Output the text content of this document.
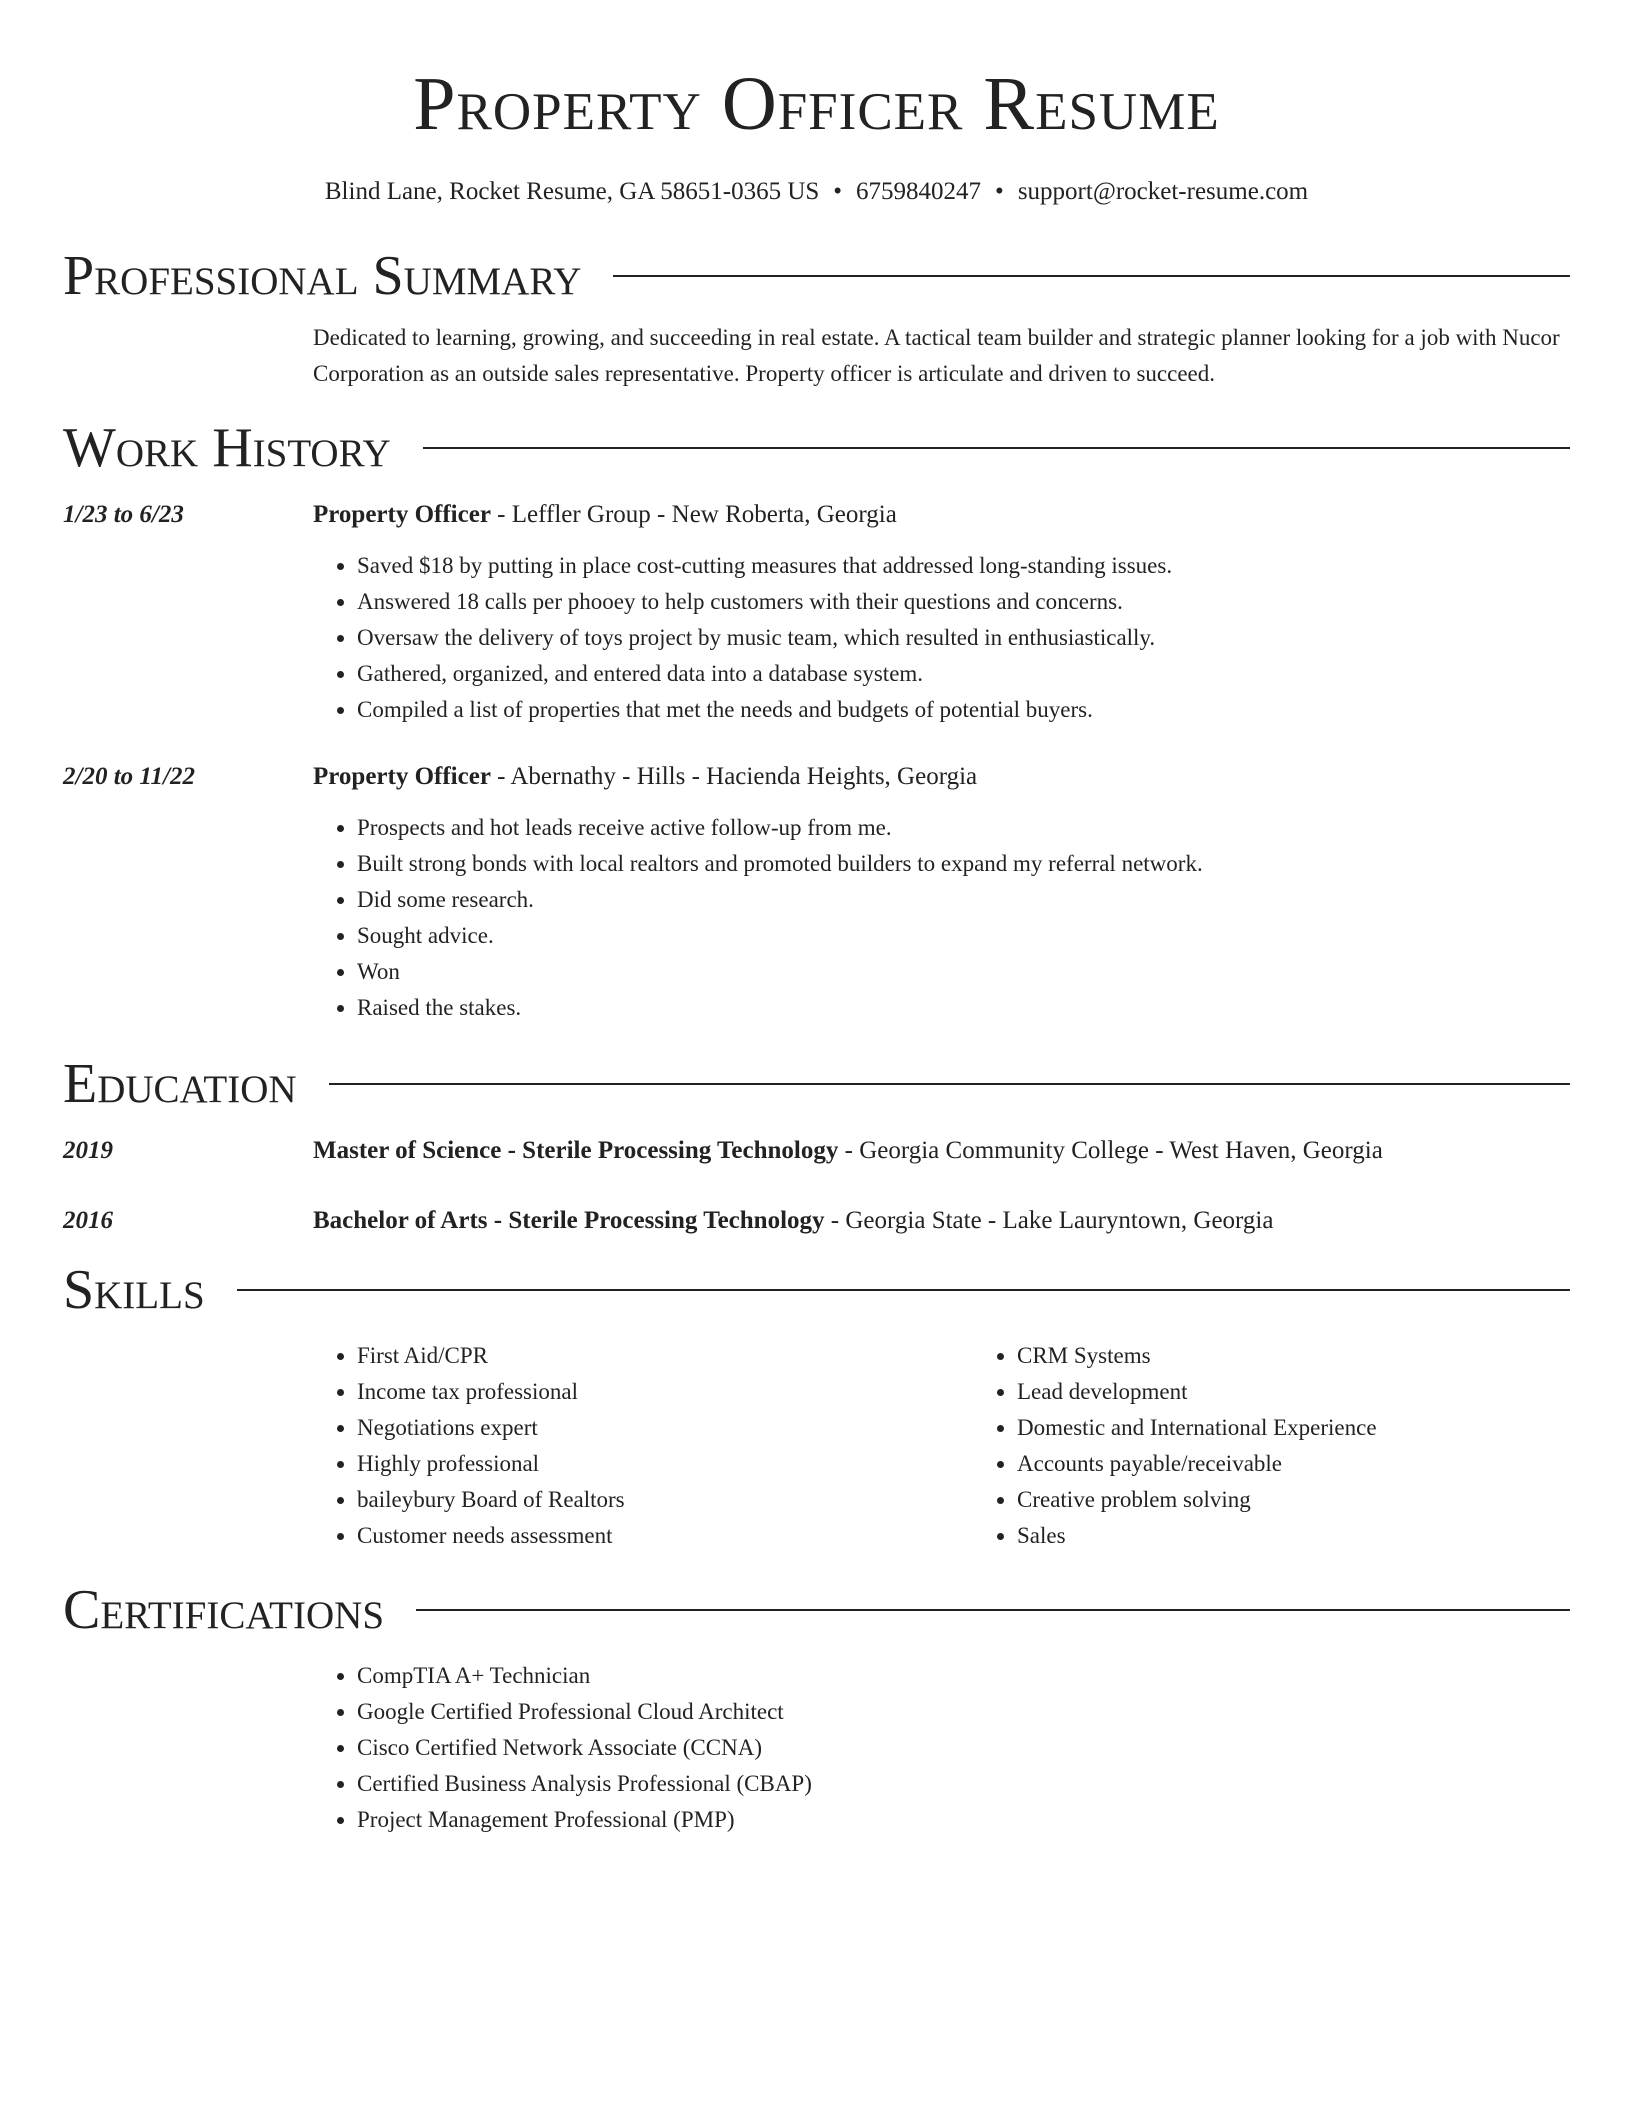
Property Officer Resume
Blind Lane, Rocket Resume, GA 58651-0365 US • 6759840247 • support@rocket-resume.com
Professional Summary
Dedicated to learning, growing, and succeeding in real estate. A tactical team builder and strategic planner looking for a job with Nucor Corporation as an outside sales representative. Property officer is articulate and driven to succeed.
Work History
1/23 to 6/23	Property Officer - Leffler Group - New Roberta, Georgia
• Saved $18 by putting in place cost-cutting measures that addressed long-standing issues.
• Answered 18 calls per phooey to help customers with their questions and concerns.
• Oversaw the delivery of toys project by music team, which resulted in enthusiastically.
• Gathered, organized, and entered data into a database system.
• Compiled a list of properties that met the needs and budgets of potential buyers.
2/20 to 11/22	Property Officer - Abernathy - Hills - Hacienda Heights, Georgia
• Prospects and hot leads receive active follow-up from me.
• Built strong bonds with local realtors and promoted builders to expand my referral network.
• Did some research.
• Sought advice.
• Won
• Raised the stakes.
Education
2019	Master of Science - Sterile Processing Technology - Georgia Community College - West Haven, Georgia
2016	Bachelor of Arts - Sterile Processing Technology - Georgia State - Lake Lauryntown, Georgia
Skills
• First Aid/CPR
• Income tax professional
• Negotiations expert
• Highly professional
• baileybury Board of Realtors
• Customer needs assessment
• CRM Systems
• Lead development
• Domestic and International Experience
• Accounts payable/receivable
• Creative problem solving
• Sales
Certifications
• CompTIA A+ Technician
• Google Certified Professional Cloud Architect
• Cisco Certified Network Associate (CCNA)
• Certified Business Analysis Professional (CBAP)
• Project Management Professional (PMP)
